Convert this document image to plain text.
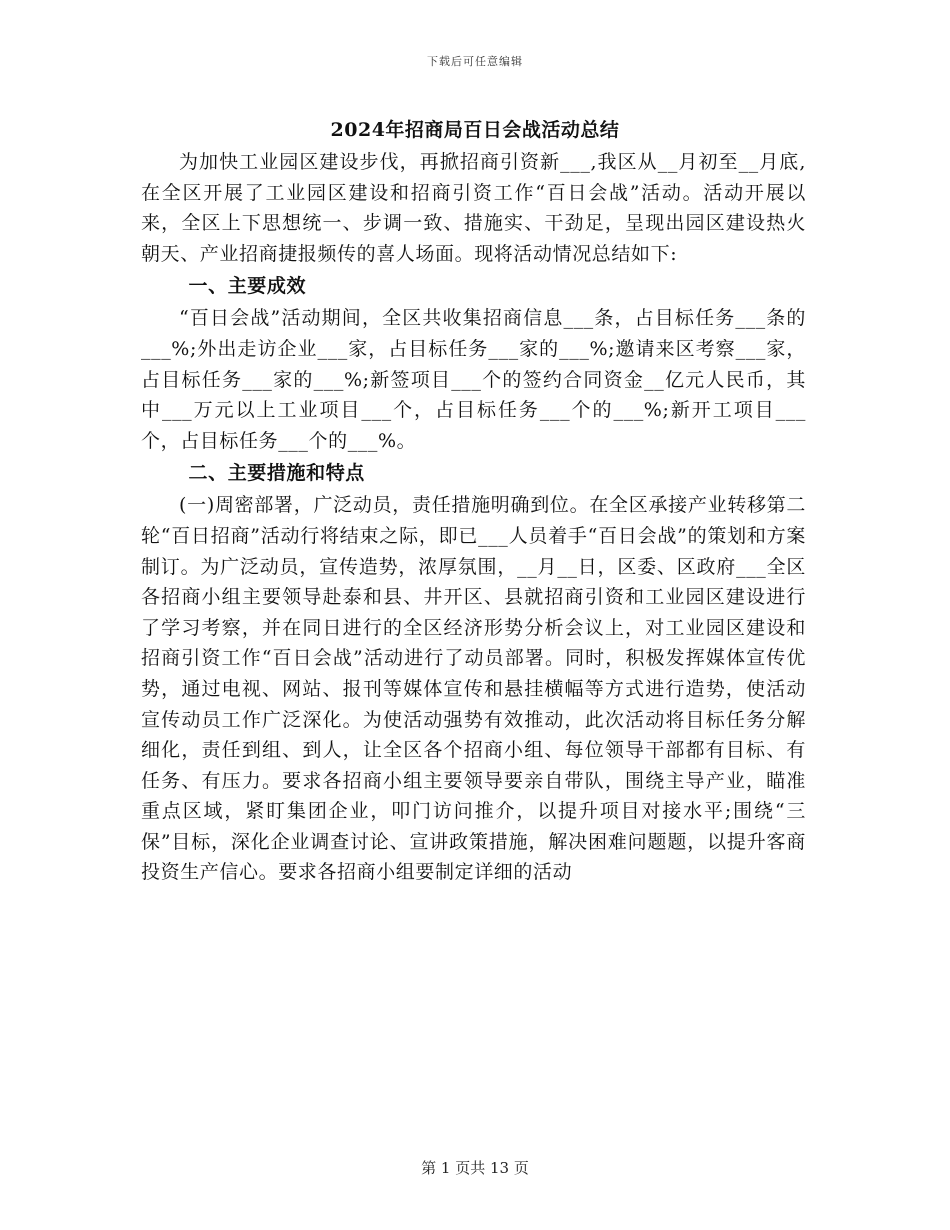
下载后可任意编辑
2024年招商局百日会战活动总结

为加快工业园区建设步伐，再掀招商引资新___,我区从__月初至__月底,在全区开展了工业园区建设和招商引资工作“百日会战”活动。活动开展以来，全区上下思想统一、步调一致、措施实、干劲足，呈现出园区建设热火朝天、产业招商捷报频传的喜人场面。现将活动情况总结如下:

一、主要成效

“百日会战”活动期间，全区共收集招商信息___条，占目标任务___条的___%;外出走访企业___家，占目标任务___家的___%;邀请来区考察___家，占目标任务___家的___%;新签项目___个的签约合同资金__亿元人民币，其中___万元以上工业项目___个，占目标任务___个的___%;新开工项目___个，占目标任务___个的___%。

二、主要措施和特点

(一)周密部署，广泛动员，责任措施明确到位。在全区承接产业转移第二轮“百日招商”活动行将结束之际，即已___人员着手“百日会战”的策划和方案制订。为广泛动员，宣传造势，浓厚氛围，__月__日，区委、区政府___全区各招商小组主要领导赴泰和县、井开区、县就招商引资和工业园区建设进行了学习考察，并在同日进行的全区经济形势分析会议上，对工业园区建设和招商引资工作“百日会战”活动进行了动员部署。同时，积极发挥媒体宣传优势，通过电视、网站、报刊等媒体宣传和悬挂横幅等方式进行造势，使活动宣传动员工作广泛深化。为使活动强势有效推动，此次活动将目标任务分解细化，责任到组、到人，让全区各个招商小组、每位领导干部都有目标、有任务、有压力。要求各招商小组主要领导要亲自带队，围绕主导产业，瞄准重点区域，紧盯集团企业，叩门访问推介，以提升项目对接水平;围绕“三保”目标，深化企业调查讨论、宣讲政策措施，解决困难问题题，以提升客商投资生产信心。要求各招商小组要制定详细的活动

第 1 页共 13 页
